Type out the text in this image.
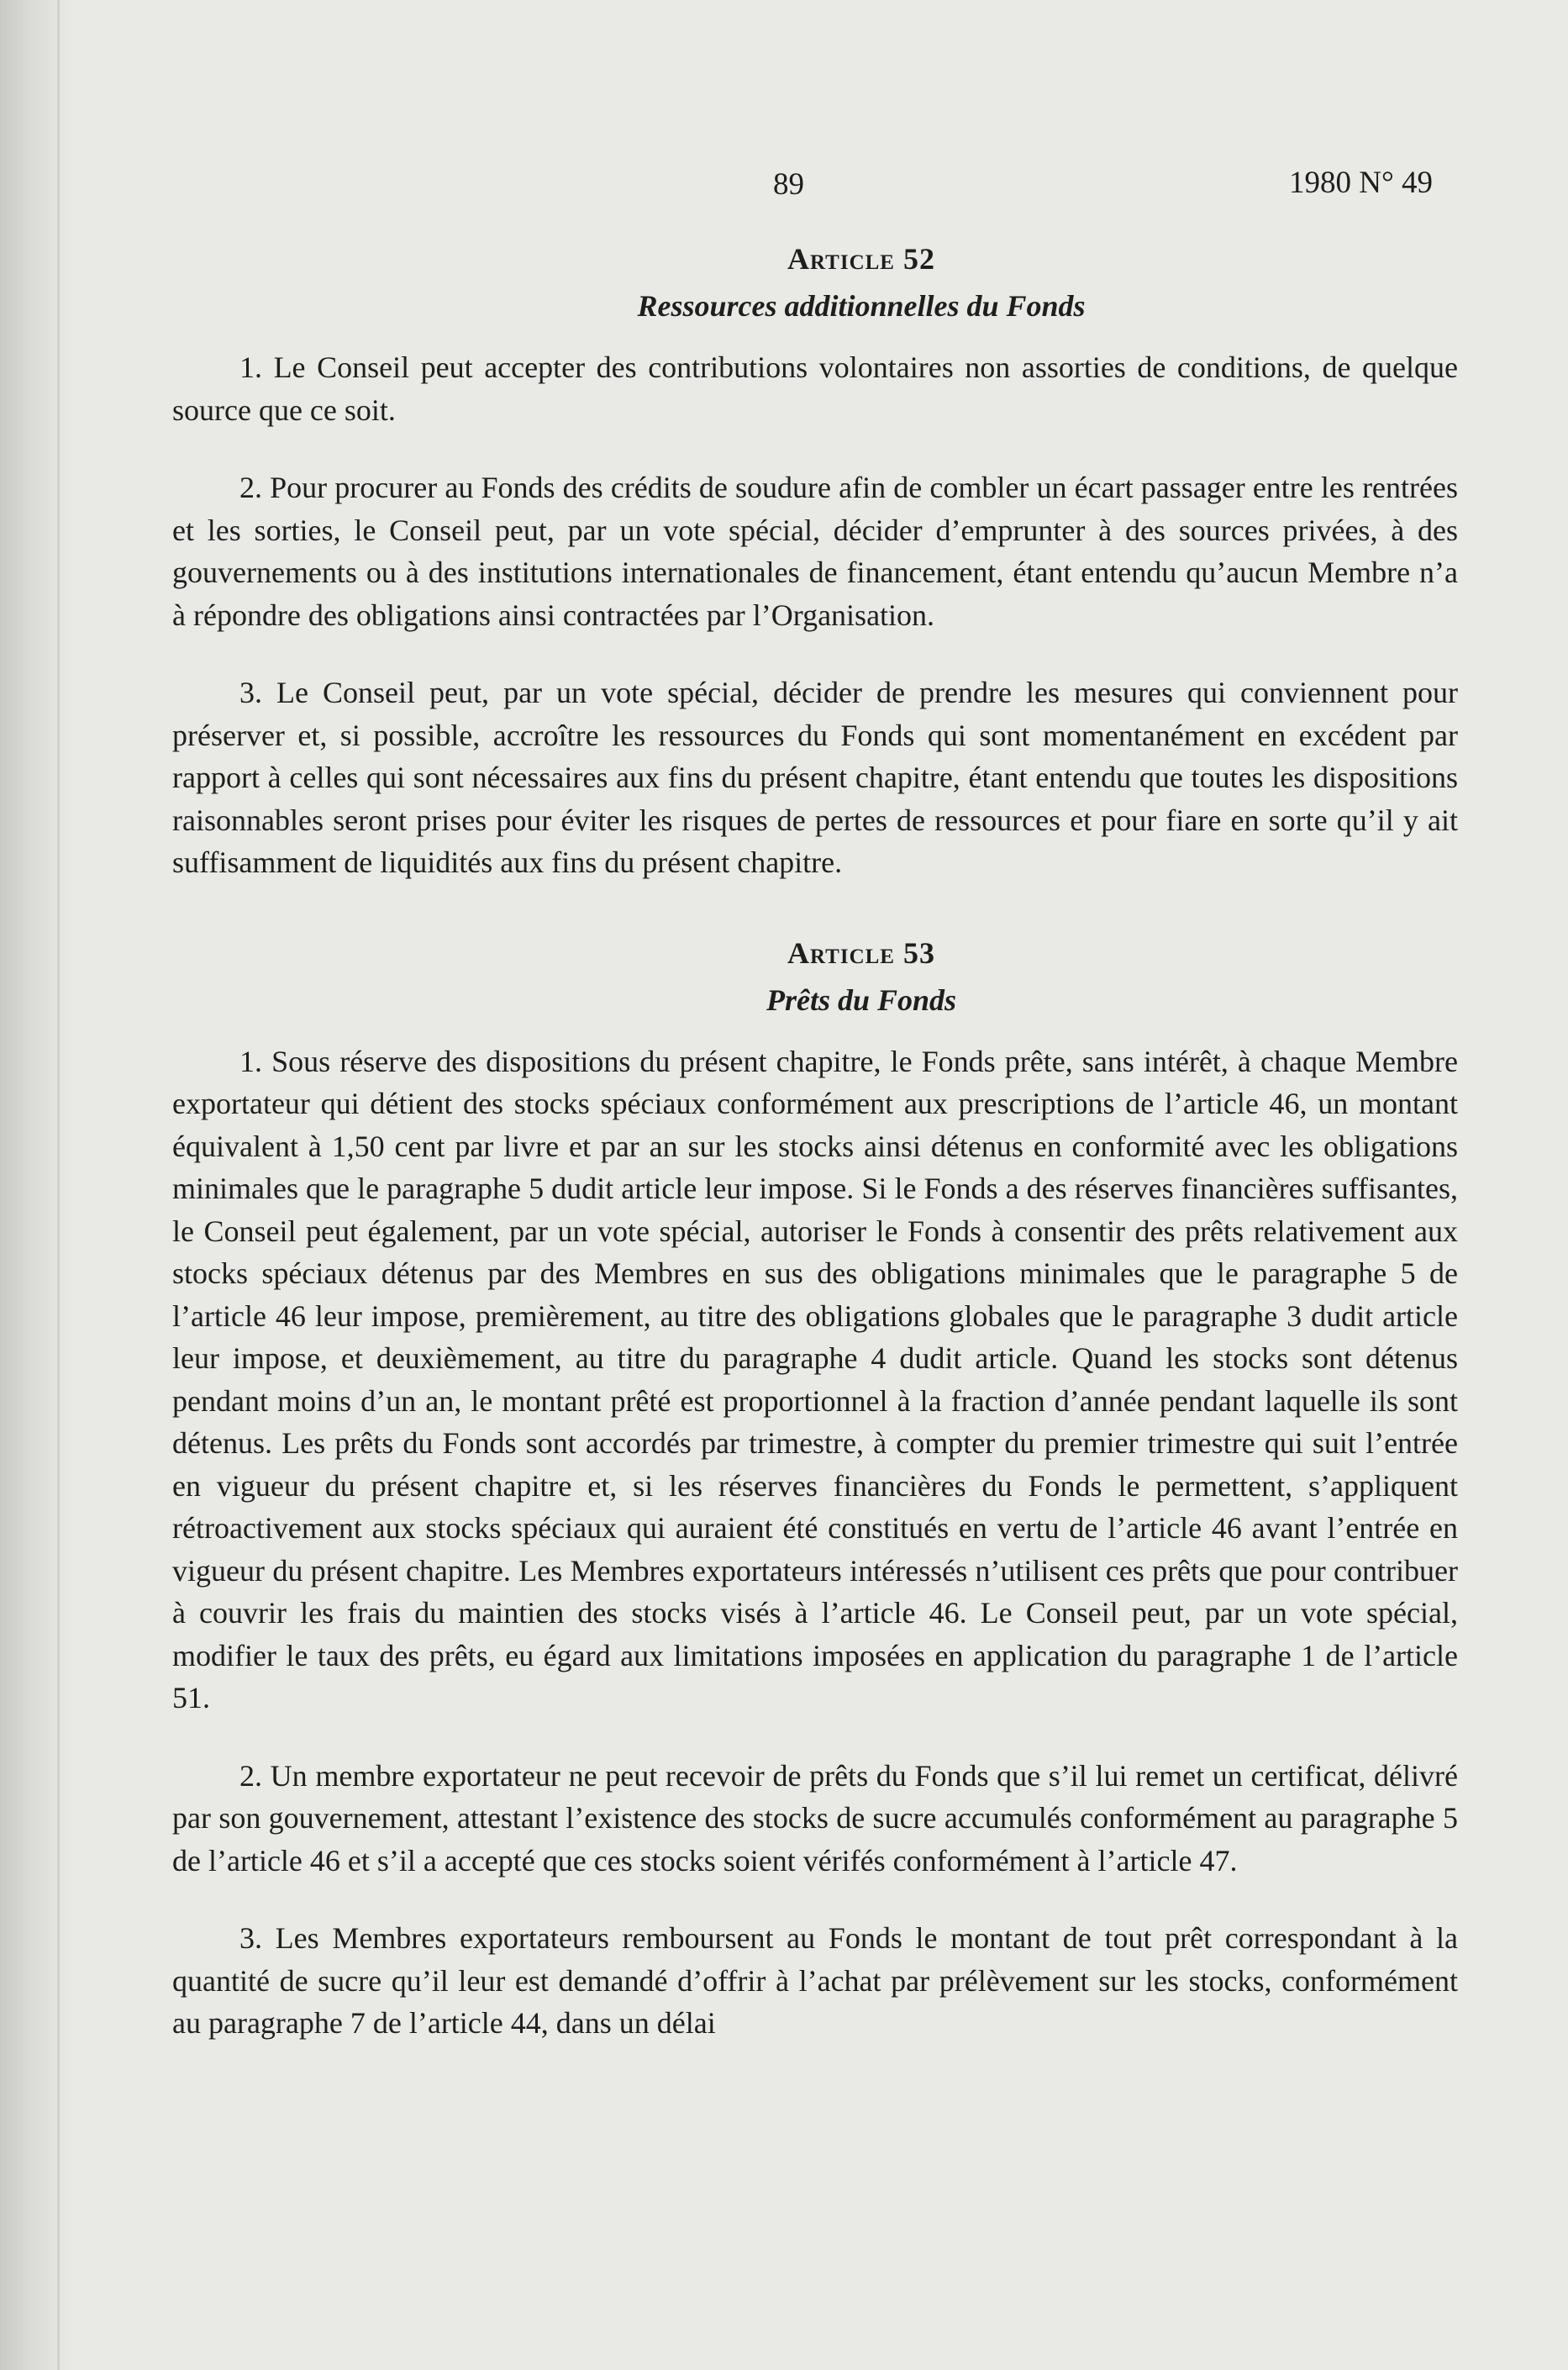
89	1980 N° 49
Article 52
Ressources additionnelles du Fonds

1. Le Conseil peut accepter des contributions volontaires non assorties de conditions, de quelque source que ce soit.

2. Pour procurer au Fonds des crédits de soudure afin de combler un écart passager entre les rentrées et les sorties, le Conseil peut, par un vote spécial, décider d’emprunter à des sources privées, à des gouvernements ou à des institutions internationales de financement, étant entendu qu’aucun Membre n’a à répondre des obligations ainsi contractées par l’Organisation.

3. Le Conseil peut, par un vote spécial, décider de prendre les mesures qui conviennent pour préserver et, si possible, accroître les ressources du Fonds qui sont momentanément en excédent par rapport à celles qui sont nécessaires aux fins du présent chapitre, étant entendu que toutes les dispositions raisonnables seront prises pour éviter les risques de pertes de ressources et pour fiare en sorte qu’il y ait suffisamment de liquidités aux fins du présent chapitre.

Article 53
Prêts du Fonds

1. Sous réserve des dispositions du présent chapitre, le Fonds prête, sans intérêt, à chaque Membre exportateur qui détient des stocks spéciaux conformément aux prescriptions de l’article 46, un montant équivalent à 1,50 cent par livre et par an sur les stocks ainsi détenus en conformité avec les obligations minimales que le paragraphe 5 dudit article leur impose. Si le Fonds a des réserves financières suffisantes, le Conseil peut également, par un vote spécial, autoriser le Fonds à consentir des prêts relativement aux stocks spéciaux détenus par des Membres en sus des obligations minimales que le paragraphe 5 de l’article 46 leur impose, premièrement, au titre des obligations globales que le paragraphe 3 dudit article leur impose, et deuxièmement, au titre du paragraphe 4 dudit article. Quand les stocks sont détenus pendant moins d’un an, le montant prêté est proportionnel à la fraction d’année pendant laquelle ils sont détenus. Les prêts du Fonds sont accordés par trimestre, à compter du premier trimestre qui suit l’entrée en vigueur du présent chapitre et, si les réserves financières du Fonds le permettent, s’appliquent rétroactivement aux stocks spéciaux qui auraient été constitués en vertu de l’article 46 avant l’entrée en vigueur du présent chapitre. Les Membres exportateurs intéressés n’utilisent ces prêts que pour contribuer à couvrir les frais du maintien des stocks visés à l’article 46. Le Conseil peut, par un vote spécial, modifier le taux des prêts, eu égard aux limitations imposées en application du paragraphe 1 de l’article 51.

2. Un membre exportateur ne peut recevoir de prêts du Fonds que s’il lui remet un certificat, délivré par son gouvernement, attestant l’existence des stocks de sucre accumulés conformément au paragraphe 5 de l’article 46 et s’il a accepté que ces stocks soient vérifés conformément à l’article 47.

3. Les Membres exportateurs remboursent au Fonds le montant de tout prêt correspondant à la quantité de sucre qu’il leur est demandé d’offrir à l’achat par prélèvement sur les stocks, conformément au paragraphe 7 de l’article 44, dans un délai
